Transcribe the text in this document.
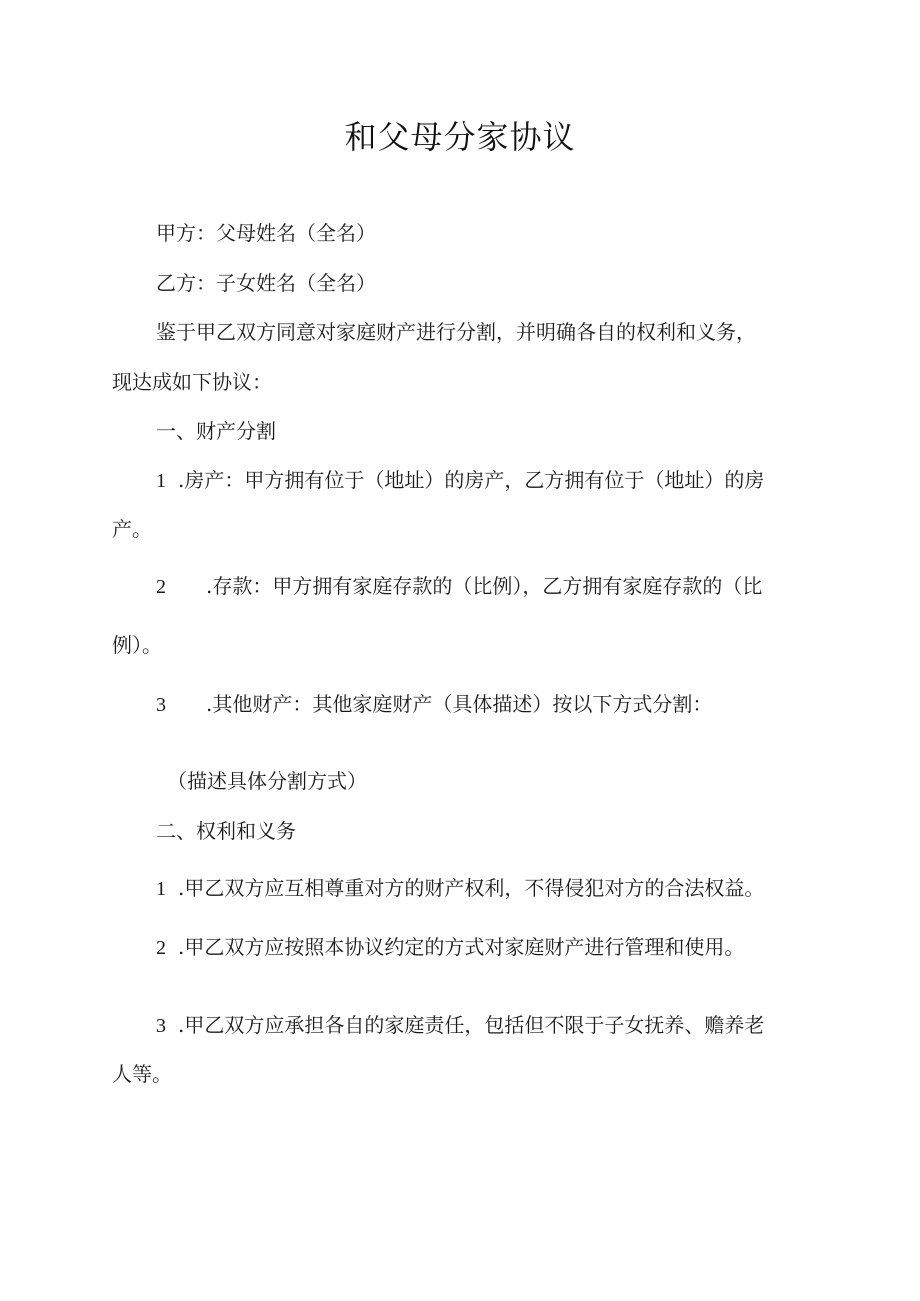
和父母分家协议
甲方：父母姓名（全名）
乙方：子女姓名（全名）
鉴于甲乙双方同意对家庭财产进行分割，并明确各自的权利和义务，
现达成如下协议：
一、财产分割
1 .房产：甲方拥有位于（地址）的房产，乙方拥有位于（地址）的房
产。
2 .存款：甲方拥有家庭存款的（比例），乙方拥有家庭存款的（比
例）。
3 .其他财产：其他家庭财产（具体描述）按以下方式分割：
（描述具体分割方式）
二、权利和义务
1 .甲乙双方应互相尊重对方的财产权利，不得侵犯对方的合法权益。
2 .甲乙双方应按照本协议约定的方式对家庭财产进行管理和使用。
3 .甲乙双方应承担各自的家庭责任，包括但不限于子女抚养、赡养老
人等。
